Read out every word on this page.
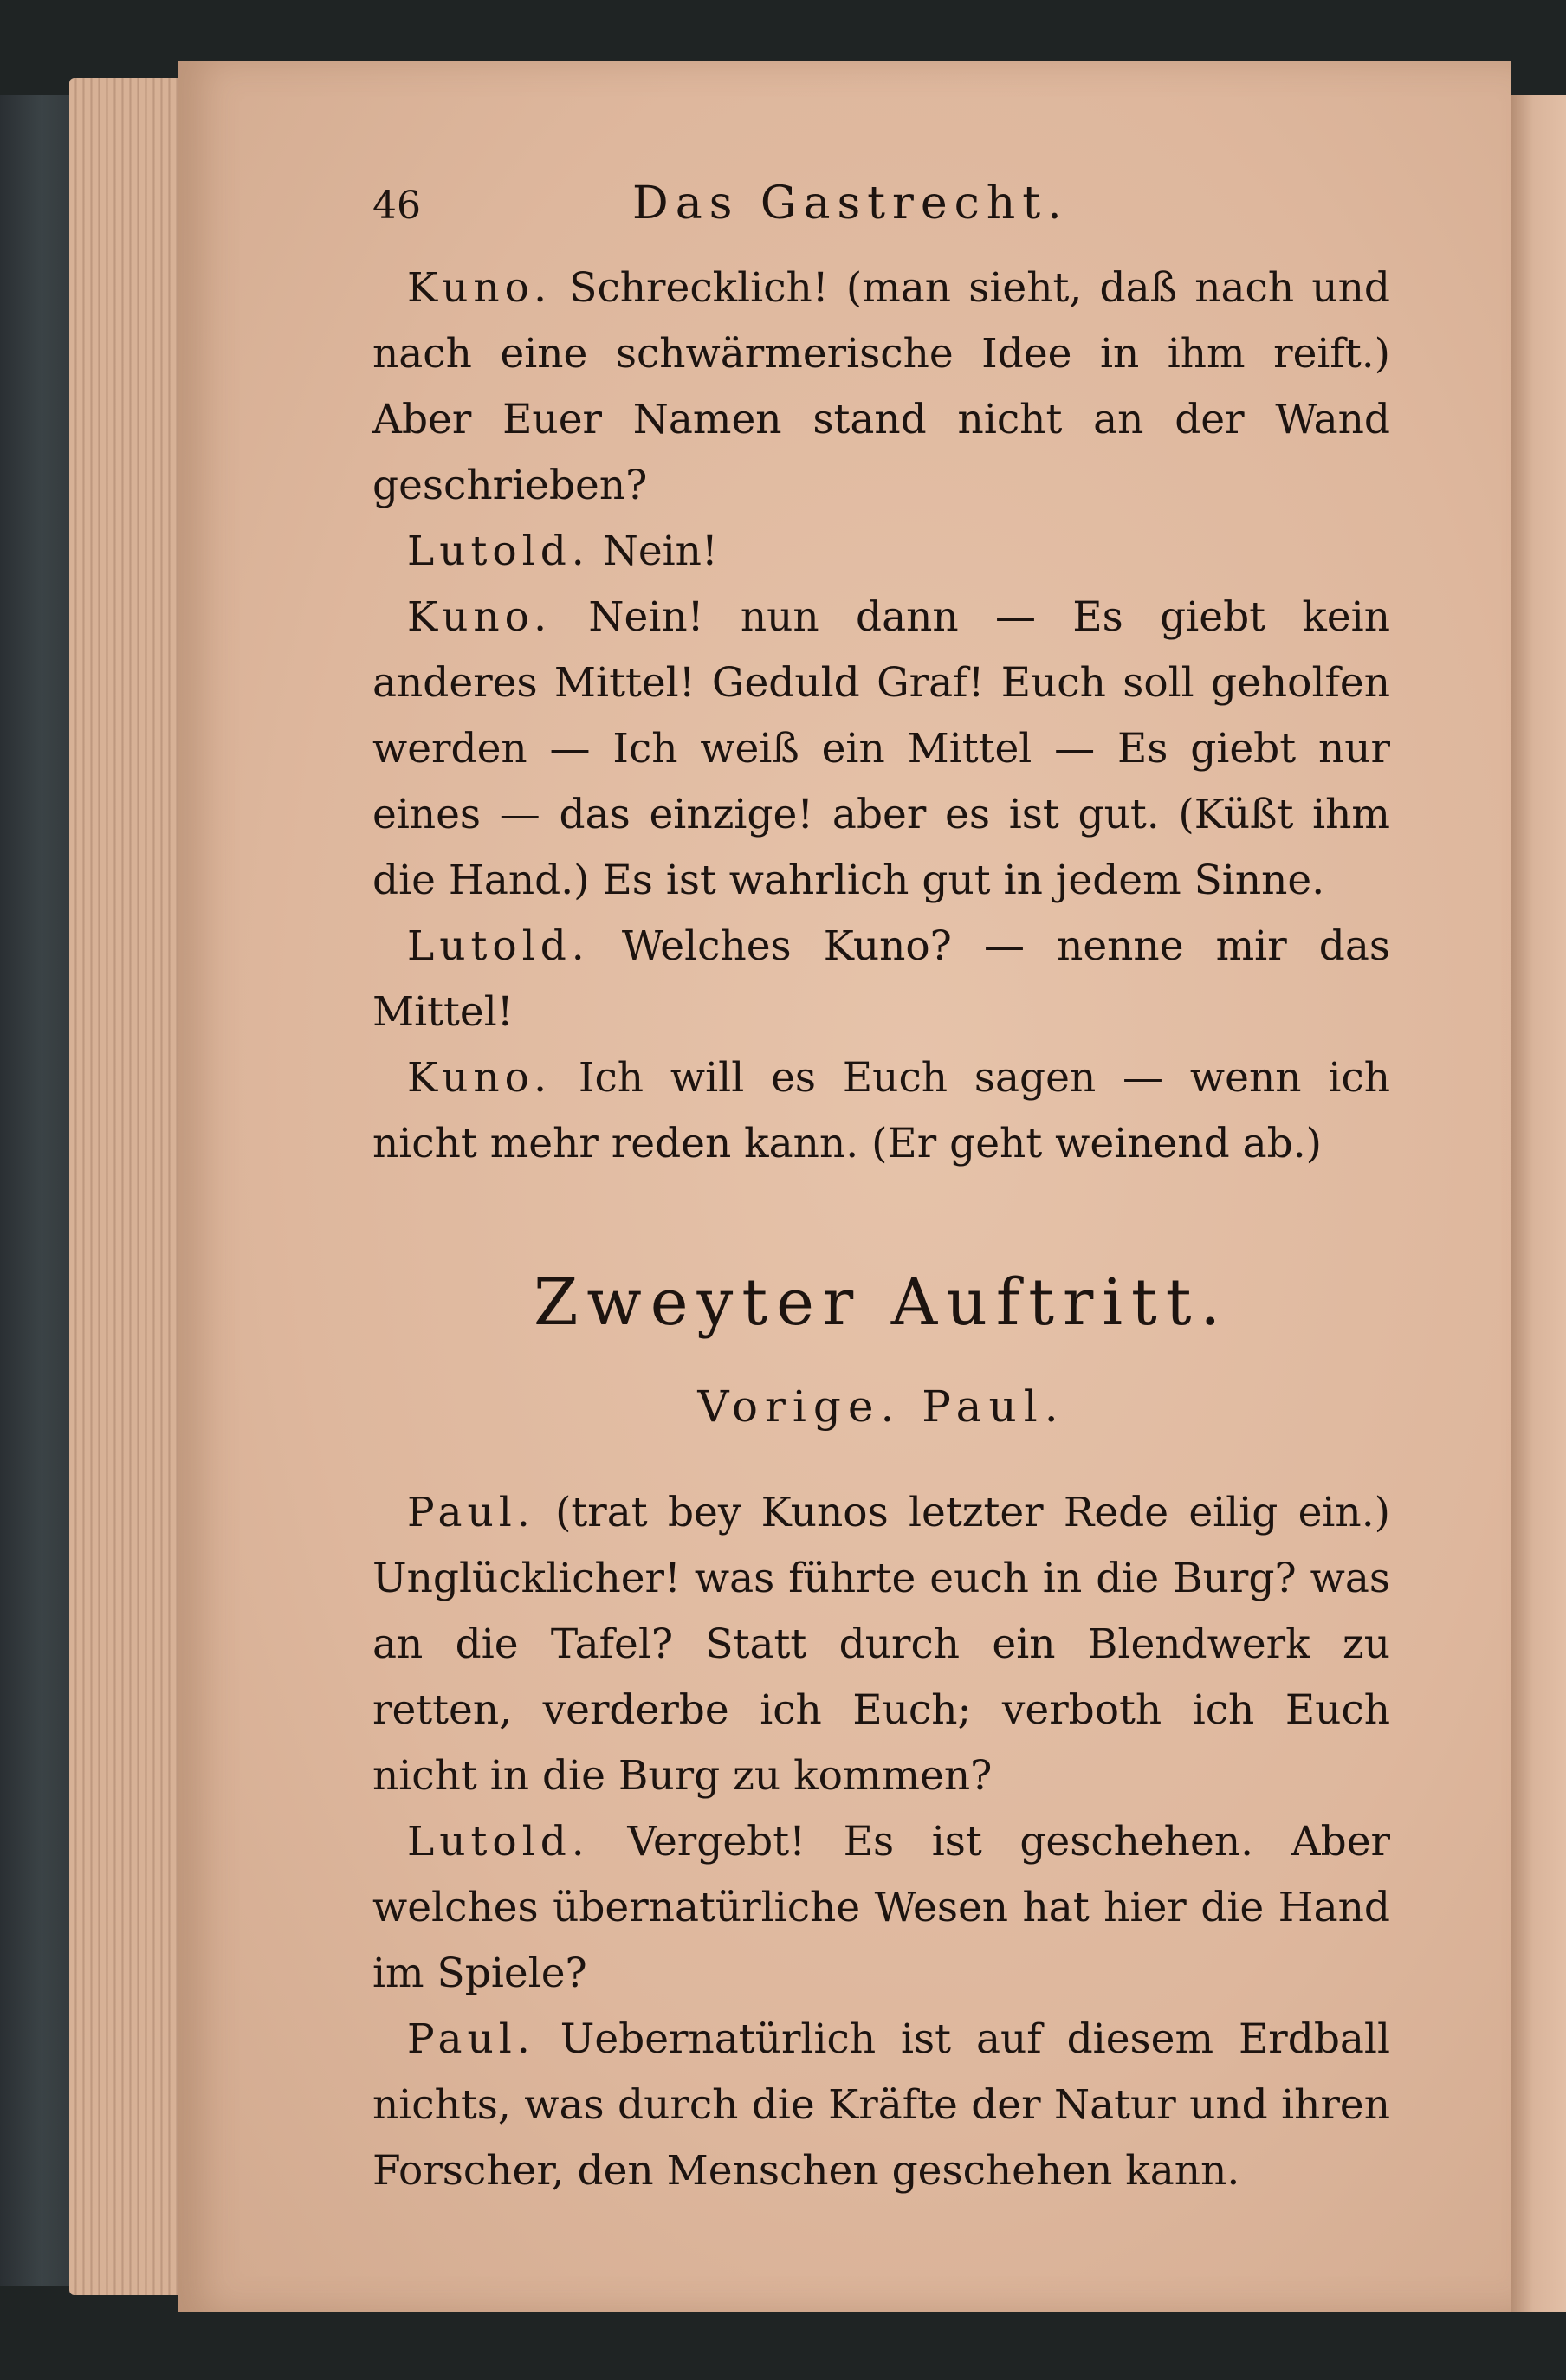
46	Das Gastrecht.

Kuno. Schrecklich! (man sieht, daß nach und nach eine schwärmerische Idee in ihm reift.) Aber Euer Namen stand nicht an der Wand geschrieben?

Lutold. Nein!

Kuno. Nein! nun dann — Es giebt kein anderes Mittel! Geduld Graf! Euch soll geholfen werden — Ich weiß ein Mittel — Es giebt nur eines — das einzige! aber es ist gut. (Küßt ihm die Hand.) Es ist wahrlich gut in jedem Sinne.

Lutold. Welches Kuno? — nenne mir das Mittel!

Kuno. Ich will es Euch sagen — wenn ich nicht mehr reden kann. (Er geht weinend ab.)

Zweyter Auftritt.
Vorige. Paul.

Paul. (trat bey Kunos letzter Rede eilig ein.) Unglücklicher! was führte euch in die Burg? was an die Tafel? Statt durch ein Blendwerk zu retten, verderbe ich Euch; verboth ich Euch nicht in die Burg zu kommen?

Lutold. Vergebt! Es ist geschehen. Aber welches übernatürliche Wesen hat hier die Hand im Spiele?

Paul. Uebernatürlich ist auf diesem Erdball nichts, was durch die Kräfte der Natur und ihren Forscher, den Menschen geschehen kann.
